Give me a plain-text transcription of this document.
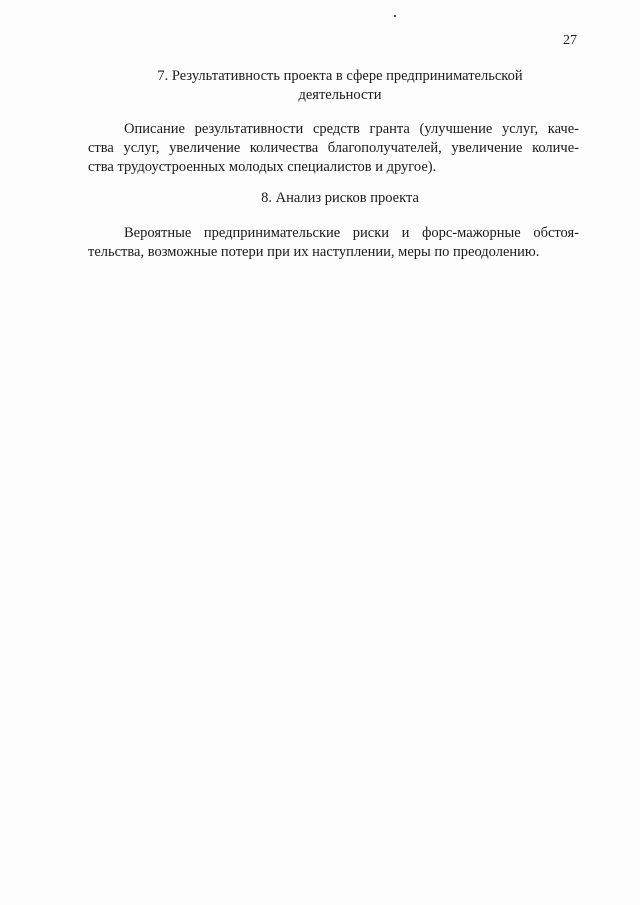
27
7. Результативность проекта в сфере предпринимательской
деятельности
Описание результативности средств гранта (улучшение услуг, каче-
ства услуг, увеличение количества благополучателей, увеличение количе-
ства трудоустроенных молодых специалистов и другое).
8. Анализ рисков проекта
Вероятные предпринимательские риски и форс-мажорные обстоя-
тельства, возможные потери при их наступлении, меры по преодолению.
